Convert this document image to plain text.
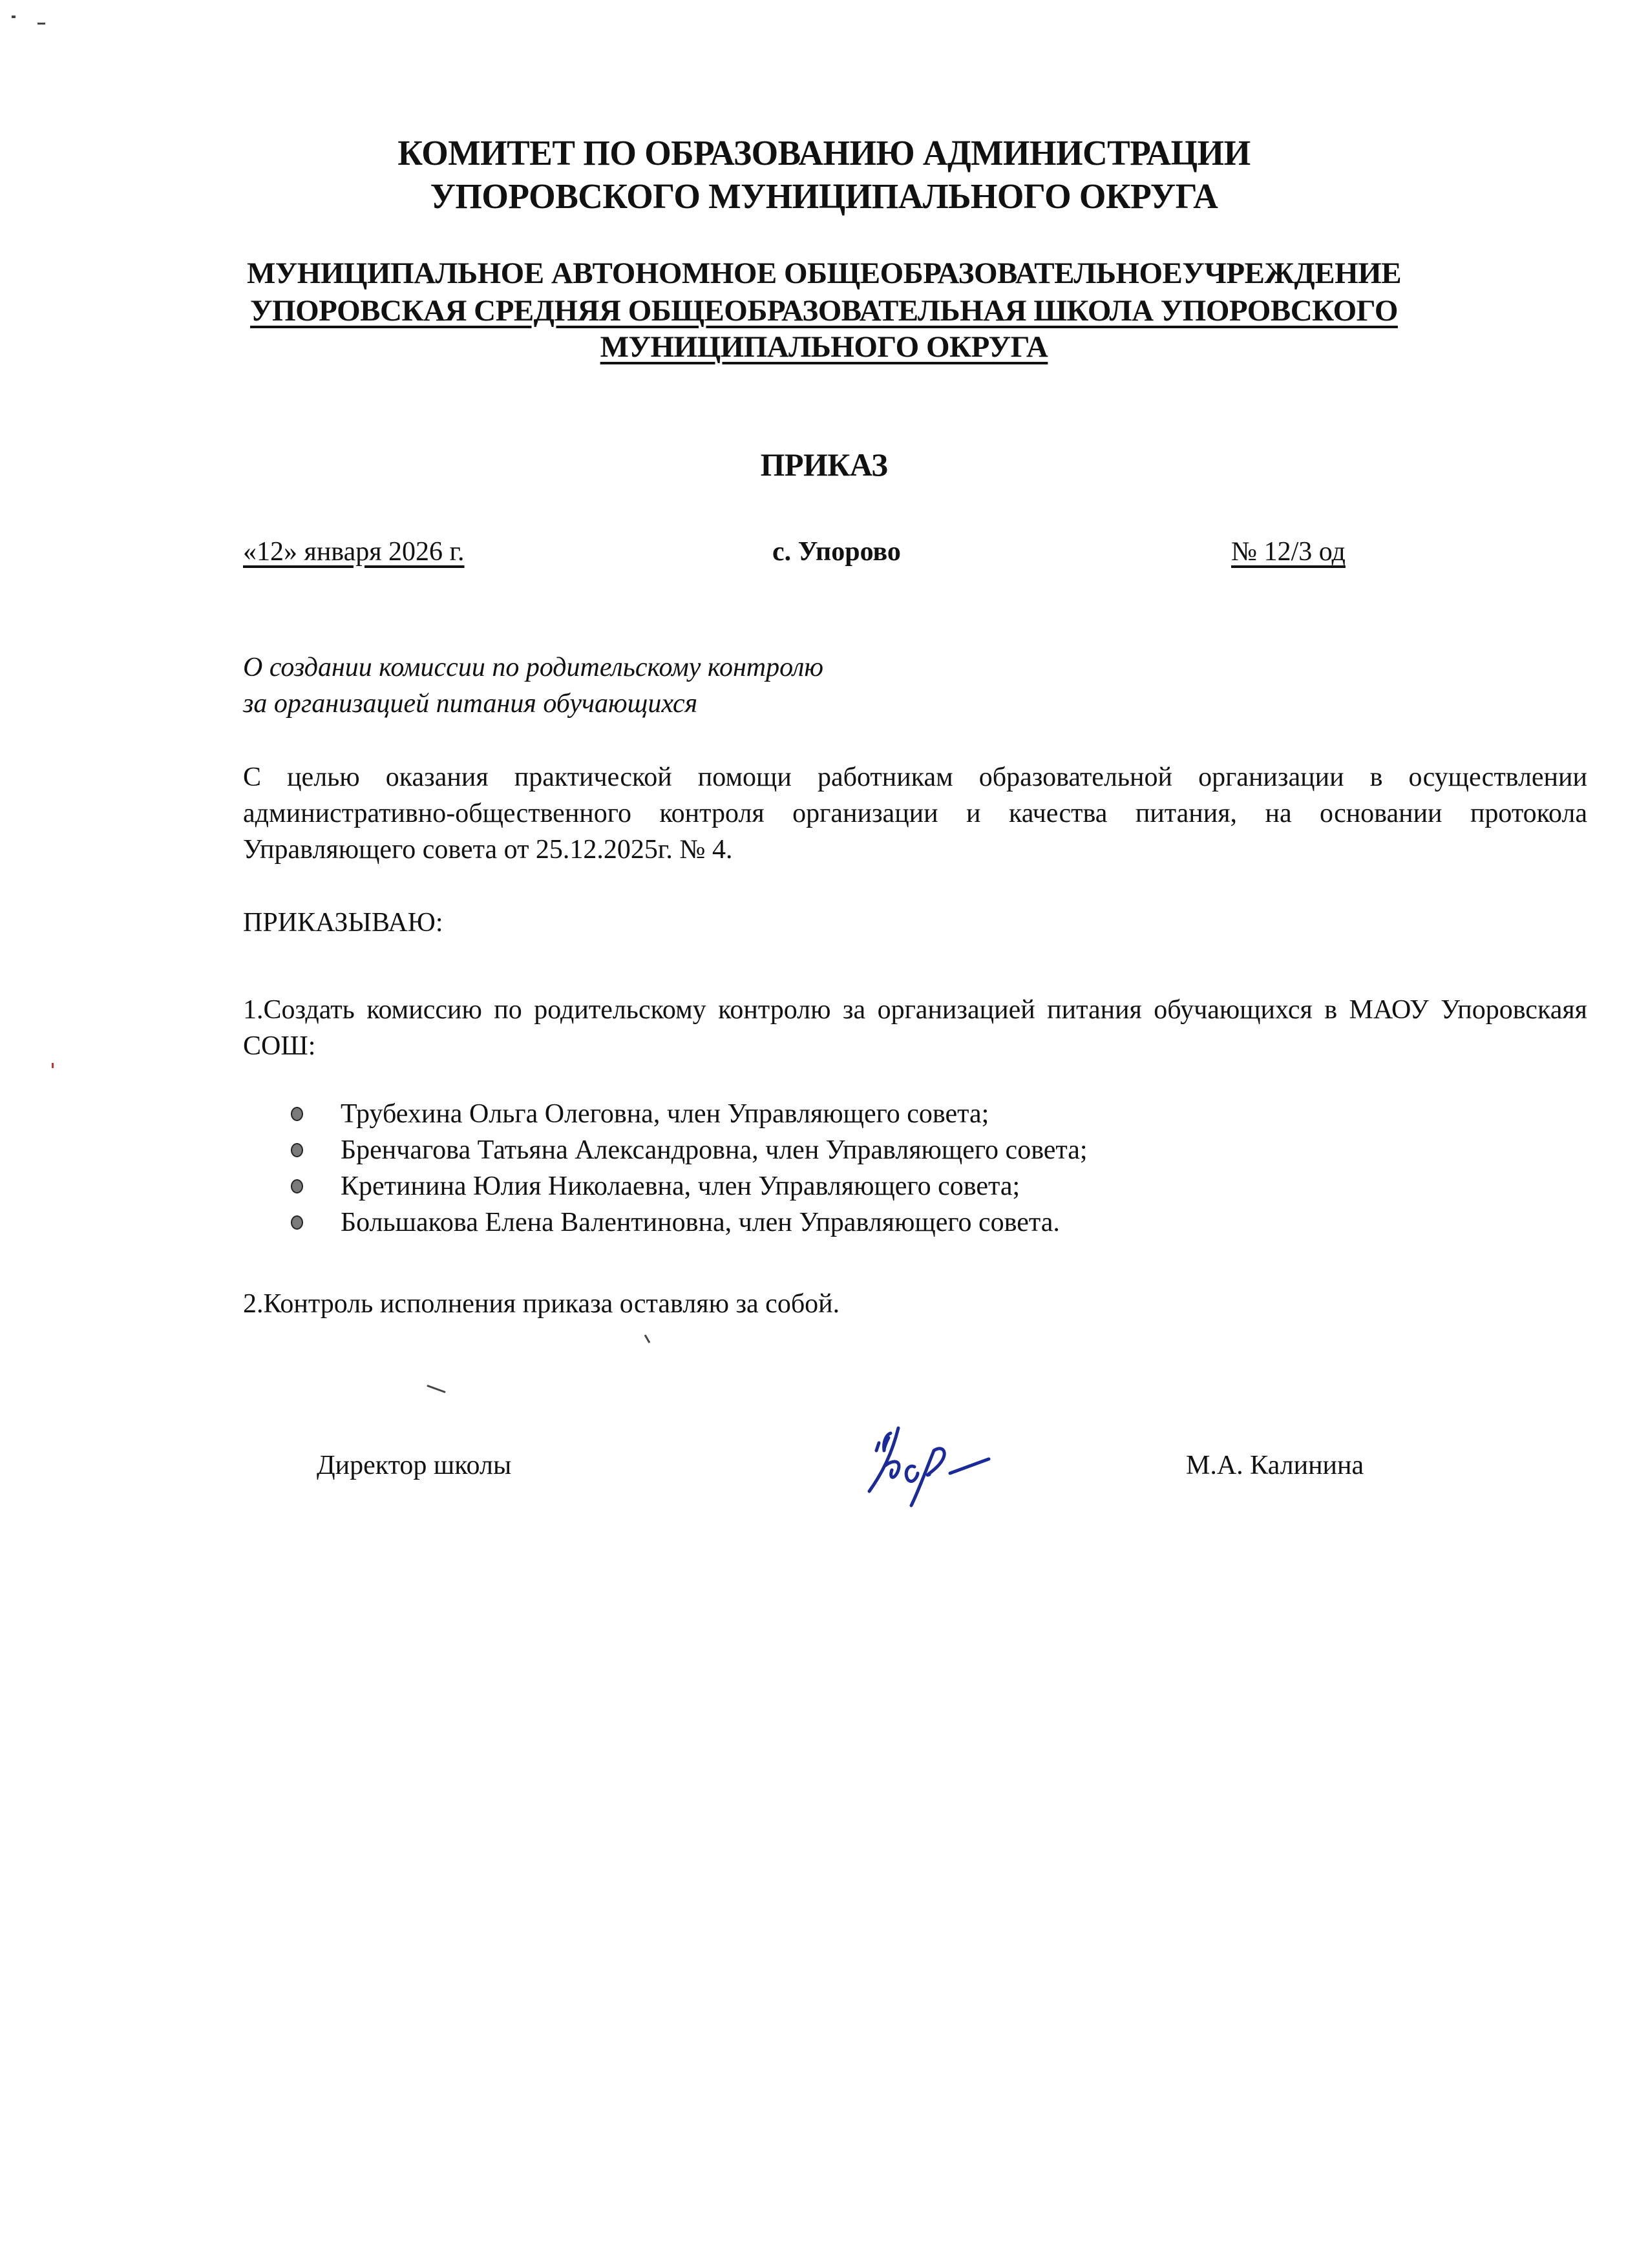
КОМИТЕТ ПО ОБРАЗОВАНИЮ АДМИНИСТРАЦИИ
УПОРОВСКОГО МУНИЦИПАЛЬНОГО ОКРУГА
МУНИЦИПАЛЬНОЕ АВТОНОМНОЕ ОБЩЕОБРАЗОВАТЕЛЬНОЕУЧРЕЖДЕНИЕ
УПОРОВСКАЯ СРЕДНЯЯ ОБЩЕОБРАЗОВАТЕЛЬНАЯ ШКОЛА УПОРОВСКОГО
МУНИЦИПАЛЬНОГО ОКРУГА
ПРИКАЗ
«12» января 2026 г.	с. Упорово	№ 12/3 од
О создании комиссии по родительскому контролю
за организацией питания обучающихся
С целью оказания практической помощи работникам образовательной организации в осуществлении административно-общественного контроля организации и качества питания, на основании протокола Управляющего совета от 25.12.2025г. № 4.
ПРИКАЗЫВАЮ:
1.Создать комиссию по родительскому контролю за организацией питания обучающихся в МАОУ Упоровскаяя СОШ:
Трубехина Ольга Олеговна, член Управляющего совета;
Бренчагова Татьяна Александровна, член Управляющего совета;
Кретинина Юлия Николаевна, член Управляющего совета;
Большакова Елена Валентиновна, член Управляющего совета.
2.Контроль исполнения приказа оставляю за собой.
Директор школы	М.А. Калинина
